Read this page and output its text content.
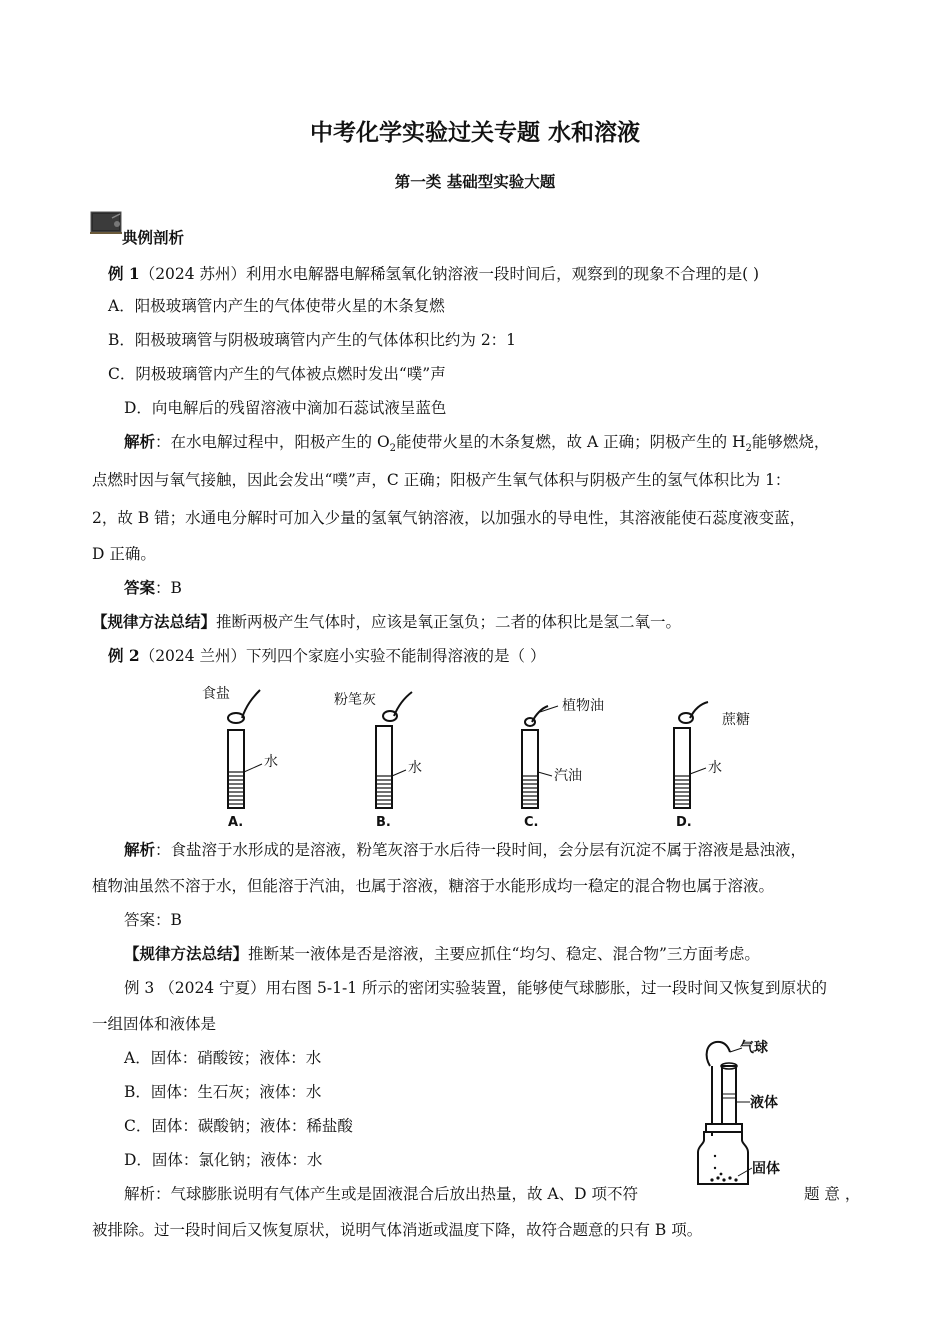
中考化学实验过关专题 水和溶液
第一类 基础型实验大题
典例剖析
例 1（2024 苏州）利用水电解器电解稀氢氧化钠溶液一段时间后，观察到的现象不合理的是( )
A．阳极玻璃管内产生的气体使带火星的木条复燃
B．阳极玻璃管与阴极玻璃管内产生的气体体积比约为 2：1
C．阴极玻璃管内产生的气体被点燃时发出“噗”声
D．向电解后的残留溶液中滴加石蕊试液呈蓝色
解析：在水电解过程中，阳极产生的 $O_2$能使带火星的木条复燃，故 A 正确；阴极产生的 $H_2$能够燃烧，
点燃时因与氧气接触，因此会发出“噗”声，C 正确；阳极产生氧气体积与阴极产生的氢气体积比为 1：
2，故 B 错；水通电分解时可加入少量的氢氧气钠溶液，以加强水的导电性，其溶液能使石蕊度液变蓝，
D 正确。
答案：B
【规律方法总结】推断两极产生气体时，应该是氧正氢负；二者的体积比是氢二氧一。
例 2（2024 兰州）下列四个家庭小实验不能制得溶液的是（ ）
食盐
水
A.
粉笔灰
水
B.
植物油
汽油
C.
蔗糖
水
D.
解析：食盐溶于水形成的是溶液，粉笔灰溶于水后待一段时间，会分层有沉淀不属于溶液是悬浊液，
植物油虽然不溶于水，但能溶于汽油，也属于溶液，糖溶于水能形成均一稳定的混合物也属于溶液。
答案：B
【规律方法总结】推断某一液体是否是溶液，主要应抓住“均匀、稳定、混合物”三方面考虑。
例 3 （2024 宁夏）用右图 5-1-1 所示的密闭实验装置，能够使气球膨胀，过一段时间又恢复到原状的
一组固体和液体是
A．固体：硝酸铵；液体：水
B．固体：生石灰；液体：水
C．固体：碳酸钠；液体：稀盐酸
D．固体：氯化钠；液体：水
气球
液体
固体
解析：气球膨胀说明有气体产生或是固液混合后放出热量，故 A、D 项不符	题 意 ，
被排除。过一段时间后又恢复原状，说明气体消逝或温度下降，故符合题意的只有 B 项。
